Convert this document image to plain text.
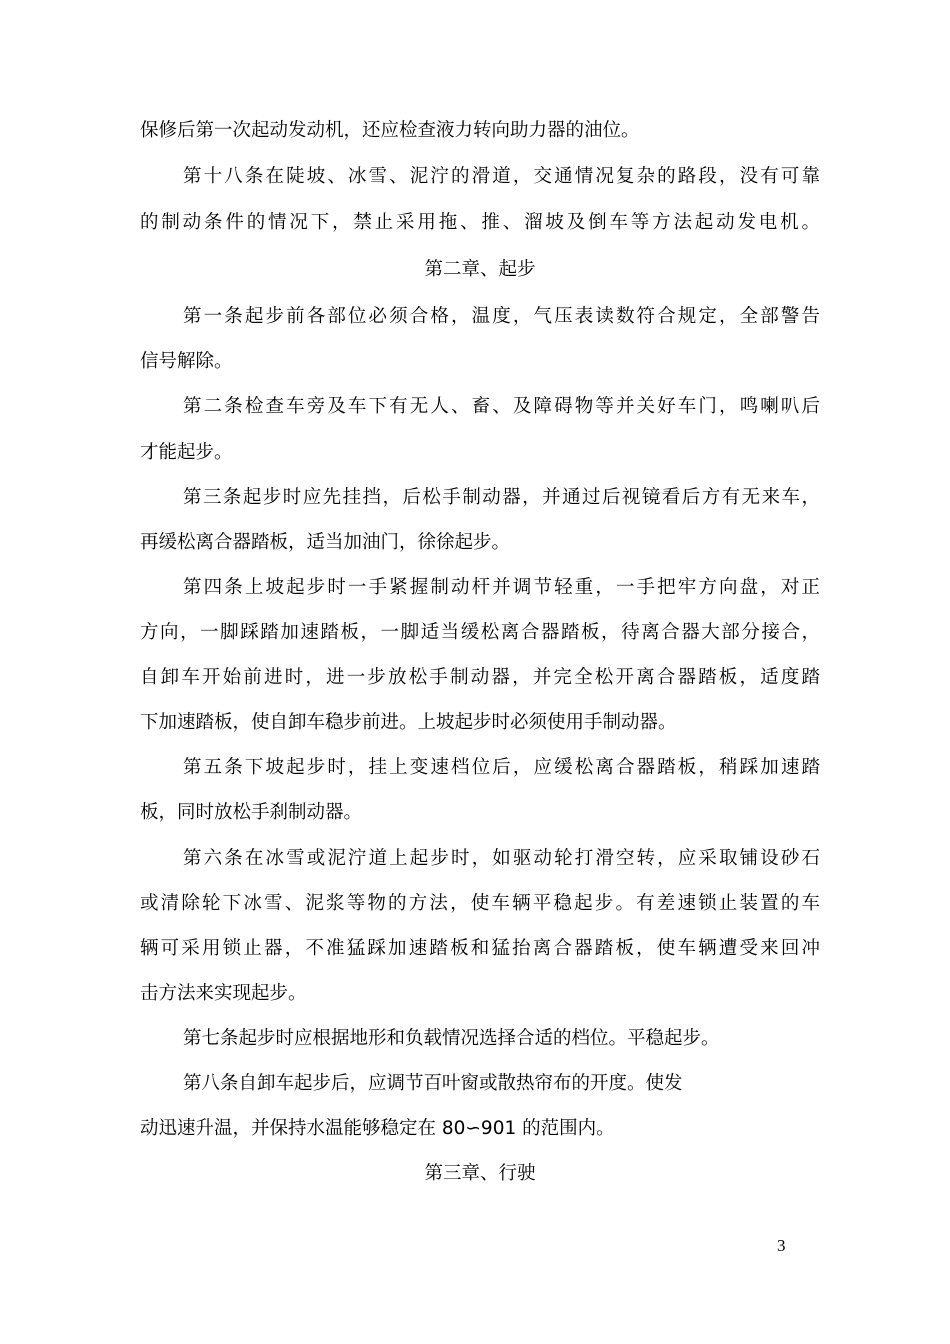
保修后第一次起动发动机，还应检查液力转向助力器的油位。
第十八条在陡坡、冰雪、泥泞的滑道，交通情况复杂的路段，没有可靠
的制动条件的情况下，禁止采用拖、推、溜坡及倒车等方法起动发电机。
第二章、起步
第一条起步前各部位必须合格，温度，气压表读数符合规定，全部警告
信号解除。
第二条检查车旁及车下有无人、畜、及障碍物等并关好车门，鸣喇叭后
才能起步。
第三条起步时应先挂挡，后松手制动器，并通过后视镜看后方有无来车，
再缓松离合器踏板，适当加油门，徐徐起步。
第四条上坡起步时一手紧握制动杆并调节轻重，一手把牢方向盘，对正
方向，一脚踩踏加速踏板，一脚适当缓松离合器踏板，待离合器大部分接合，
自卸车开始前进时，进一步放松手制动器，并完全松开离合器踏板，适度踏
下加速踏板，使自卸车稳步前进。上坡起步时必须使用手制动器。
第五条下坡起步时，挂上变速档位后，应缓松离合器踏板，稍踩加速踏
板，同时放松手刹制动器。
第六条在冰雪或泥泞道上起步时，如驱动轮打滑空转，应采取铺设砂石
或清除轮下冰雪、泥浆等物的方法，使车辆平稳起步。有差速锁止装置的车
辆可采用锁止器，不准猛踩加速踏板和猛抬离合器踏板，使车辆遭受来回冲
击方法来实现起步。
第七条起步时应根据地形和负载情况选择合适的档位。平稳起步。
第八条自卸车起步后，应调节百叶窗或散热帘布的开度。使发
动迅速升温，并保持水温能够稳定在 80∽901 的范围内。
第三章、行驶
3
